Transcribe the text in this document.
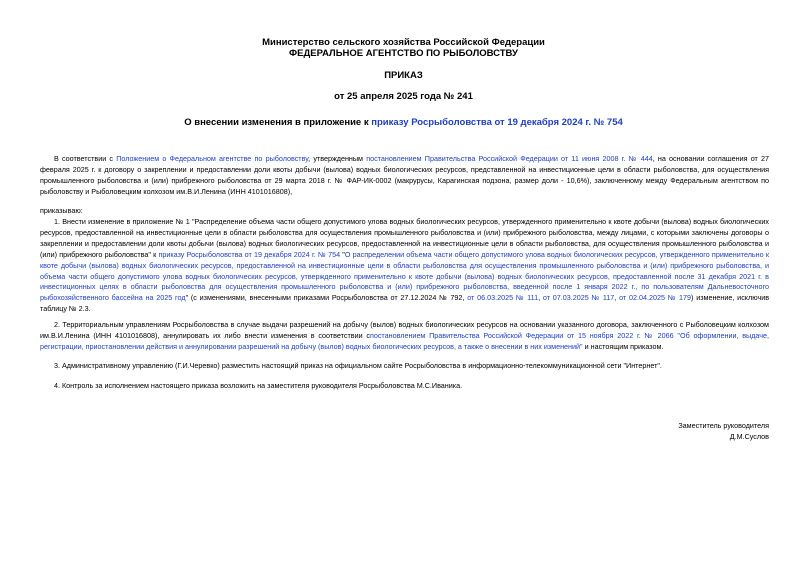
Министерство сельского хозяйства Российской Федерации
ФЕДЕРАЛЬНОЕ АГЕНТСТВО ПО РЫБОЛОВСТВУ
ПРИКАЗ
от 25 апреля 2025 года № 241
О внесении изменения в приложение к приказу Росрыболовства от 19 декабря 2024 г. № 754
В соответствии с Положением о Федеральном агентстве по рыболовству, утвержденным постановлением Правительства Российской Федерации от 11 июня 2008 г. № 444, на основании соглашения от 27 февраля 2025 г. к договору о закреплении и предоставлении доли квоты добычи (вылова) водных биологических ресурсов, представленной на инвестиционные цели в области рыболовства, для осуществления промышленного рыболовства и (или) прибрежного рыболовства от 29 марта 2018 г. № ФАР-ИК-0002 (макрурусы, Карагинская подзона, размер доли - 10,6%), заключенному между Федеральным агентством по рыболовству и Рыболовецким колхозом им.В.И.Ленина (ИНН 4101016808),
приказываю:
1. Внести изменение в приложение № 1 "Распределение объема части общего допустимого улова водных биологических ресурсов, утвержденного применительно к квоте добычи (вылова) водных биологических ресурсов, предоставленной на инвестиционные цели в области рыболовства для осуществления промышленного рыболовства и (или) прибрежного рыболовства, между лицами, с которыми заключены договоры о закреплении и предоставлении доли квоты добычи (вылова) водных биологических ресурсов, предоставленной на инвестиционные цели в области рыболовства, для осуществления промышленного рыболовства и (или) прибрежного рыболовства" к приказу Росрыболовства от 19 декабря 2024 г. № 754 "О распределении объема части общего допустимого улова водных биологических ресурсов, утвержденного применительно к квоте добычи (вылова) водных биологических ресурсов, предоставленной на инвестиционные цели в области рыболовства для осуществления промышленного рыболовства и (или) прибрежного рыболовства, и объема части общего допустимого улова водных биологических ресурсов, утвержденного применительно к квоте добычи (вылова) водных биологических ресурсов, предоставленной после 31 декабря 2021 г. в инвестиционных целях в области рыболовства для осуществления промышленного рыболовства и (или) прибрежного рыболовства, введенной после 1 января 2022 г., по пользователям Дальневосточного рыбохозяйственного бассейна на 2025 год" (с изменениями, внесенными приказами Росрыболовства от 27.12.2024 № 792, от 06.03.2025 № 111, от 07.03.2025 № 117, от 02.04.2025 № 179) изменение, исключив таблицу № 2.3.
2. Территориальным управлениям Росрыболовства в случае выдачи разрешений на добычу (вылов) водных биологических ресурсов на основании указанного договора, заключенного с Рыболовецким колхозом им.В.И.Ленина (ИНН 4101016808), аннулировать их либо внести изменения в соответствии спостановлением Правительства Российской Федерации от 15 ноября 2022 г. № 2066 "Об оформлении, выдаче, регистрации, приостановлении действия и аннулировании разрешений на добычу (вылов) водных биологических ресурсов, а также о внесении в них изменений" и настоящим приказом.
3. Административному управлению (Г.И.Черевко) разместить настоящий приказ на официальном сайте Росрыболовства в информационно-телекоммуникационной сети "Интернет".
4. Контроль за исполнением настоящего приказа возложить на заместителя руководителя Росрыболовства М.С.Иваника.
Заместитель руководителя
Д.М.Суслов
